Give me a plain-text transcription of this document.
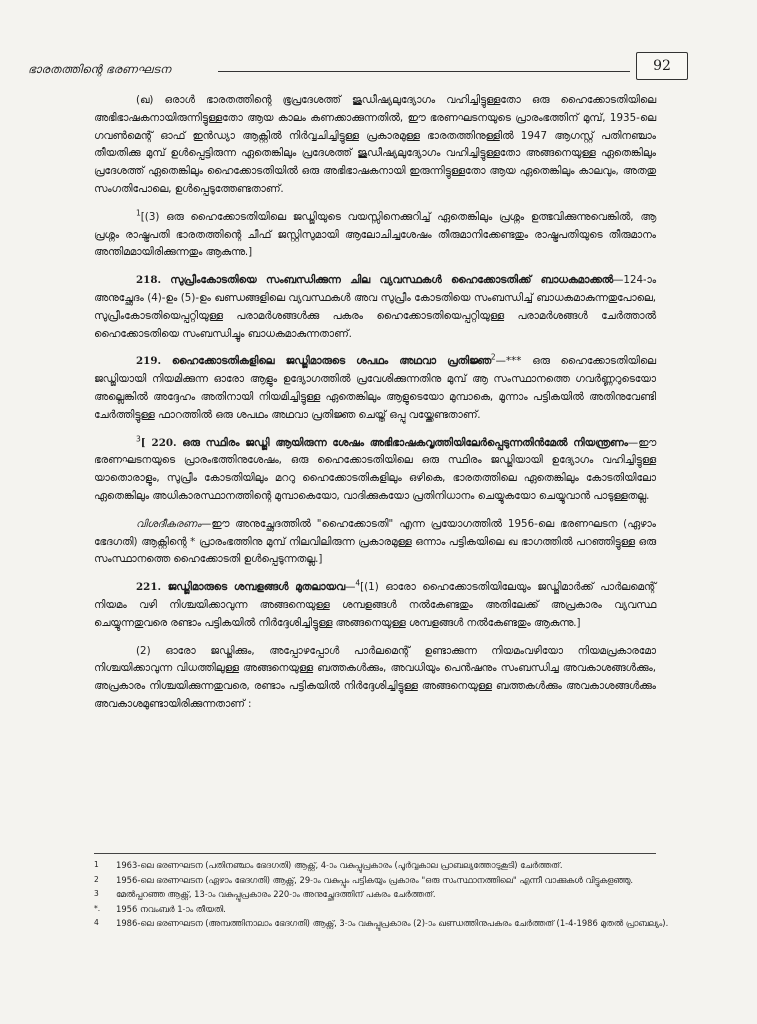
ഭാരതത്തിന്റെ ഭരണഘടന	92

(ഖ) ഒരാൾ ഭാരതത്തിന്റെ ഭൂപ്രദേശത്ത് ജുഡീഷ്യലുദ്യോഗം വഹിച്ചിട്ടുള്ളതോ ഒരു ഹൈക്കോടതിയിലെ അഭിഭാഷകനായിരുന്നിട്ടുള്ളതോ ആയ കാലം കണക്കാക്കുന്നതിൽ, ഈ ഭരണഘടനയുടെ പ്രാരംഭത്തിന് മുമ്പ്, 1935-ലെ ഗവൺമെന്റ് ഓഫ് ഇൻഡ്യാ ആക്റ്റിൽ നിർവ്വചിച്ചിട്ടുള്ള പ്രകാരമുള്ള ഭാരതത്തിനുള്ളിൽ 1947 ആഗസ്റ്റ് പതിനഞ്ചാം തീയതിക്കു മുമ്പ് ഉൾപ്പെട്ടിരുന്ന ഏതെങ്കിലും പ്രദേശത്ത് ജുഡീഷ്യലുദ്യോഗം വഹിച്ചിട്ടുള്ളതോ അങ്ങനെയുള്ള ഏതെങ്കിലും പ്രദേശത്ത് ഏതെങ്കിലും ഹൈക്കോടതിയിൽ ഒരു അഭിഭാഷകനായി ഇരുന്നിട്ടുള്ളതോ ആയ ഏതെങ്കിലും കാലവും, അതതു സംഗതിപോലെ, ഉൾപ്പെടുത്തേണ്ടതാണ്.

$^1$[(3) ഒരു ഹൈക്കോടതിയിലെ ജഡ്ജിയുടെ വയസ്സിനെക്കുറിച്ച് ഏതെങ്കിലും പ്രശ്നം ഉത്ഭവിക്കുന്നുവെങ്കിൽ, ആ പ്രശ്നം രാഷ്ട്രപതി ഭാരതത്തിന്റെ ചീഫ് ജസ്റ്റിസുമായി ആലോചിച്ചശേഷം തീരുമാനിക്കേണ്ടതും രാഷ്ട്രപതിയുടെ തീരുമാനം അന്തിമമായിരിക്കുന്നതും ആകുന്നു.]

218. സുപ്രീംകോടതിയെ സംബന്ധിക്കുന്ന ചില വ്യവസ്ഥകൾ ഹൈക്കോടതിക്ക് ബാധകമാക്കൽ—124-ാം അനുച്ഛേദം (4)-ഉം (5)-ഉം ഖണ്ഡങ്ങളിലെ വ്യവസ്ഥകൾ അവ സുപ്രീം കോടതിയെ സംബന്ധിച്ച് ബാധകമാകുന്നതുപോലെ, സുപ്രീംകോടതിയെപ്പറ്റിയുള്ള പരാമർശങ്ങൾക്കു പകരം ഹൈക്കോടതിയെപ്പറ്റിയുള്ള പരാമർശങ്ങൾ ചേർത്താൽ ഹൈക്കോടതിയെ സംബന്ധിച്ചും ബാധകമാകുന്നതാണ്.

219. ഹൈക്കോടതികളിലെ ജഡ്ജിമാരുടെ ശപഥം അഥവാ പ്രതിജ്ഞ$^2$—*** ഒരു ഹൈക്കോടതിയിലെ ജഡ്ജിയായി നിയമിക്കുന്ന ഓരോ ആളും ഉദ്യോഗത്തിൽ പ്രവേശിക്കുന്നതിനു മുമ്പ് ആ സംസ്ഥാനത്തെ ഗവർണ്ണറുടെയോ അല്ലെങ്കിൽ അദ്ദേഹം അതിനായി നിയമിച്ചിട്ടുള്ള ഏതെങ്കിലും ആളുടെയോ മുമ്പാകെ, മൂന്നാം പട്ടികയിൽ അതിനുവേണ്ടി ചേർത്തിട്ടുള്ള ഫാറത്തിൽ ഒരു ശപഥം അഥവാ പ്രതിജ്ഞ ചെയ്ത് ഒപ്പു വയ്ക്കേണ്ടതാണ്.

$^3$[ 220. ഒരു സ്ഥിരം ജഡ്ജി ആയിരുന്ന ശേഷം അഭിഭാഷകവൃത്തിയിലേർപ്പെടുന്നതിൻമേൽ നിയന്ത്രണം—ഈ ഭരണഘടനയുടെ പ്രാരംഭത്തിനുശേഷം, ഒരു ഹൈക്കോടതിയിലെ ഒരു സ്ഥിരം ജഡ്ജിയായി ഉദ്യോഗം വഹിച്ചിട്ടുള്ള യാതൊരാളും, സുപ്രീം കോടതിയിലും മററു ഹൈക്കോടതികളിലും ഒഴികെ, ഭാരതത്തിലെ ഏതെങ്കിലും കോടതിയിലോ ഏതെങ്കിലും അധികാരസ്ഥാനത്തിന്റെ മുമ്പാകെയോ, വാദിക്കുകയോ പ്രതിനിധാനം ചെയ്യുകയോ ചെയ്യുവാൻ പാടുള്ളതല്ല.

വിശദീകരണം—ഈ അനുച്ഛേദത്തിൽ "ഹൈക്കോടതി" എന്ന പ്രയോഗത്തിൽ 1956-ലെ ഭരണഘടന (ഏഴാം ഭേദഗതി) ആക്റ്റിന്റെ * പ്രാരംഭത്തിനു മുമ്പ് നിലവിലിരുന്ന പ്രകാരമുള്ള ഒന്നാം പട്ടികയിലെ ഖ ഭാഗത്തിൽ പറഞ്ഞിട്ടുള്ള ഒരു സംസ്ഥാനത്തെ ഹൈക്കോടതി ഉൾപ്പെടുന്നതല്ല.]

221. ജഡ്ജിമാരുടെ ശമ്പളങ്ങൾ മുതലായവ—$^4$[(1) ഓരോ ഹൈക്കോടതിയിലേയും ജഡ്ജിമാർക്ക് പാർലമെന്റ് നിയമം വഴി നിശ്ചയിക്കാവുന്ന അങ്ങനെയുള്ള ശമ്പളങ്ങൾ നൽകേണ്ടതും അതിലേക്ക് അപ്രകാരം വ്യവസ്ഥ ചെയ്യുന്നതുവരെ രണ്ടാം പട്ടികയിൽ നിർദ്ദേശിച്ചിട്ടുള്ള അങ്ങനെയുള്ള ശമ്പളങ്ങൾ നൽകേണ്ടതും ആകുന്നു.]

(2) ഓരോ ജഡ്ജിക്കും, അപ്പോഴപ്പോൾ പാർലമെന്റ് ഉണ്ടാക്കുന്ന നിയമംവഴിയോ നിയമപ്രകാരമോ നിശ്ചയിക്കാവുന്ന വിധത്തിലുള്ള അങ്ങനെയുള്ള ബത്തകൾക്കും, അവധിയും പെൻഷനും സംബന്ധിച്ച അവകാശങ്ങൾക്കും, അപ്രകാരം നിശ്ചയിക്കുന്നതുവരെ, രണ്ടാം പട്ടികയിൽ നിർദ്ദേശിച്ചിട്ടുള്ള അങ്ങനെയുള്ള ബത്തകൾക്കും അവകാശങ്ങൾക്കും അവകാശമുണ്ടായിരിക്കുന്നതാണ് :

1	1963-ലെ ഭരണഘടന (പതിനഞ്ചാം ഭേദഗതി) ആക്റ്റ്, 4-ാം വകുപ്പുപ്രകാരം (പൂർവ്വകാല പ്രാബല്യത്തോടുകൂടി) ചേർത്തത്.
2	1956-ലെ ഭരണഘടന (ഏഴാം ഭേദഗതി) ആക്റ്റ്, 29-ാം വകുപ്പും പട്ടികയും പ്രകാരം "ഒരു സംസ്ഥാനത്തിലെ" എന്നീ വാക്കുകൾ വിട്ടുകളഞ്ഞു.
3	മേൽപ്പറഞ്ഞ ആക്റ്റ്, 13-ാം വകുപ്പുപ്രകാരം 220-ാം അനുച്ഛേദത്തിന് പകരം ചേർത്തത്.
*.	1956 നവംബർ 1-ാം തീയതി.
4	1986-ലെ ഭരണഘടന (അമ്പത്തിനാലാം ഭേദഗതി) ആക്റ്റ്, 3-ാം വകുപ്പുപ്രകാരം (2)-ാം ഖണ്ഡത്തിനുപകരം ചേർത്തത് (1-4-1986 മുതൽ പ്രാബല്യം).
